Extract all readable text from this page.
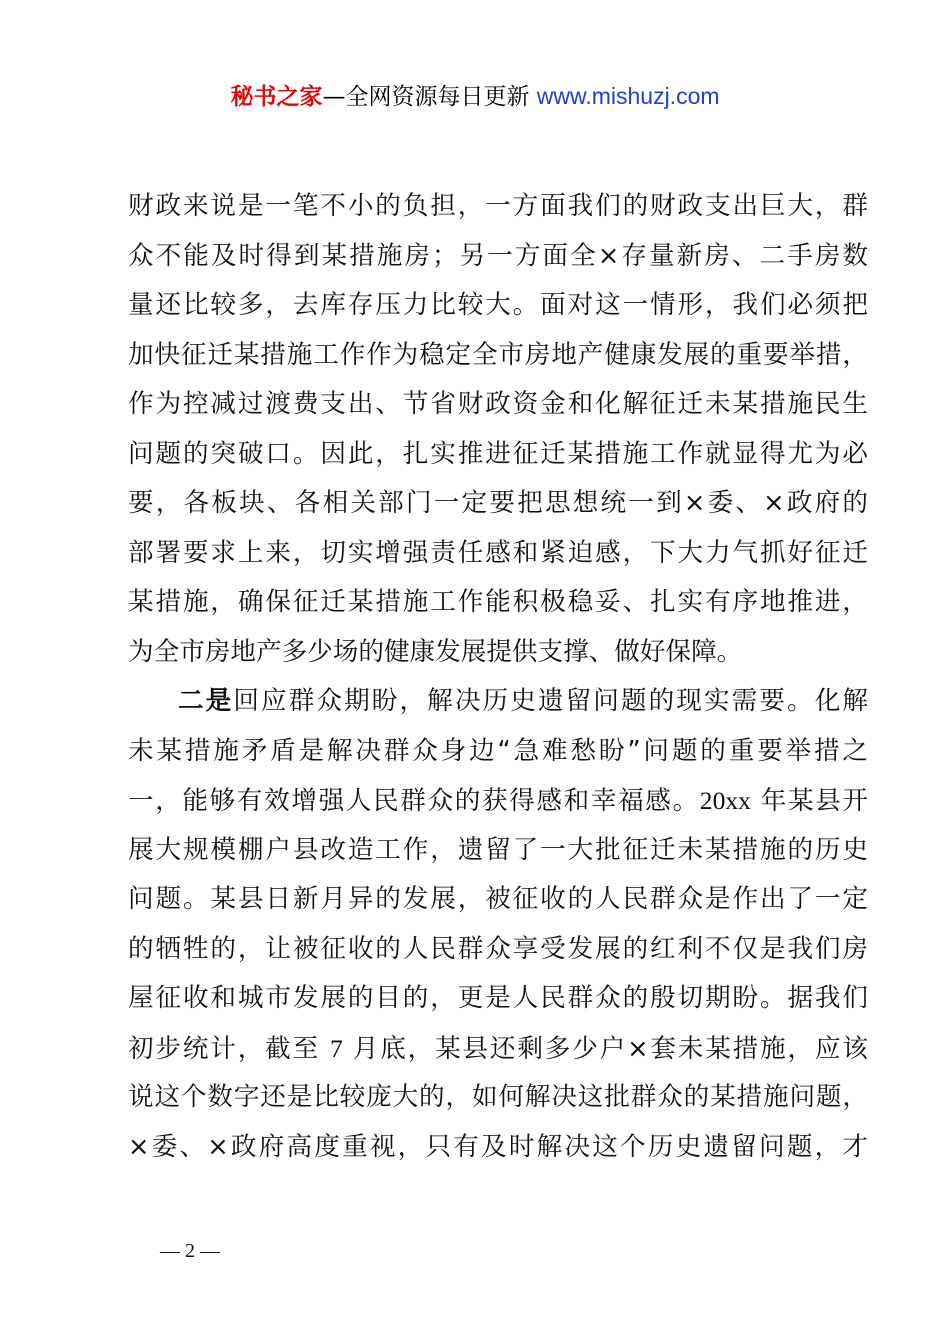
秘书之家—全网资源每日更新 www.mishuzj.com
财政来说是一笔不小的负担，一方面我们的财政支出巨大，群
众不能及时得到某措施房；另一方面全×存量新房、二手房数
量还比较多，去库存压力比较大。面对这一情形，我们必须把
加快征迁某措施工作作为稳定全市房地产健康发展的重要举措，
作为控减过渡费支出、节省财政资金和化解征迁未某措施民生
问题的突破口。因此，扎实推进征迁某措施工作就显得尤为必
要，各板块、各相关部门一定要把思想统一到×委、×政府的
部署要求上来，切实增强责任感和紧迫感，下大力气抓好征迁
某措施，确保征迁某措施工作能积极稳妥、扎实有序地推进，
为全市房地产多少场的健康发展提供支撑、做好保障。
二是回应群众期盼，解决历史遗留问题的现实需要。化解
未某措施矛盾是解决群众身边“急难愁盼”问题的重要举措之
一，能够有效增强人民群众的获得感和幸福感。20xx 年某县开
展大规模棚户县改造工作，遗留了一大批征迁未某措施的历史
问题。某县日新月异的发展，被征收的人民群众是作出了一定
的牺牲的，让被征收的人民群众享受发展的红利不仅是我们房
屋征收和城市发展的目的，更是人民群众的殷切期盼。据我们
初步统计，截至 7 月底，某县还剩多少户×套未某措施，应该
说这个数字还是比较庞大的，如何解决这批群众的某措施问题，
×委、×政府高度重视，只有及时解决这个历史遗留问题，才
— 2 —
